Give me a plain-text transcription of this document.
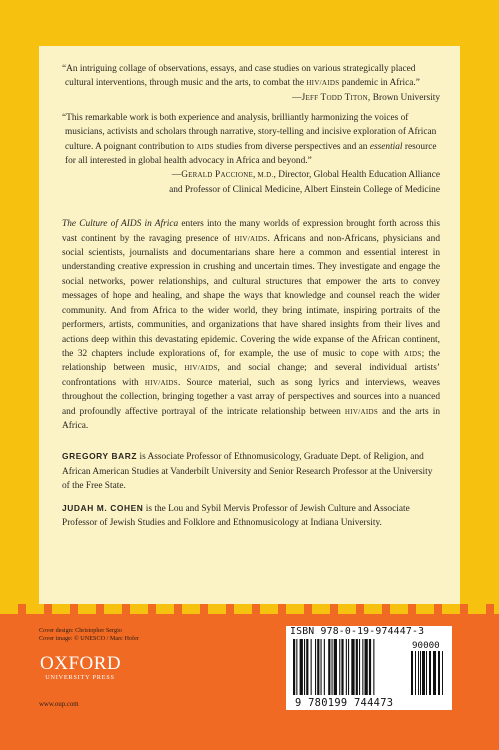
“An intriguing collage of observations, essays, and case studies on various strategically placed cultural interventions, through music and the arts, to combat the hiv/aids pandemic in Africa.”
—Jeff Todd Titon, Brown University

“This remarkable work is both experience and analysis, brilliantly harmonizing the voices of musicians, activists and scholars through narrative, story-telling and incisive exploration of African culture. A poignant contribution to aids studies from diverse perspectives and an essential resource for all interested in global health advocacy in Africa and beyond.”
—Gerald Paccione, m.d., Director, Global Health Education Alliance
and Professor of Clinical Medicine, Albert Einstein College of Medicine

The Culture of AIDS in Africa enters into the many worlds of expression brought forth across this vast continent by the ravaging presence of hiv/aids. Africans and non-Africans, physicians and social scientists, journalists and documentarians share here a common and essential interest in understanding creative expression in crushing and uncertain times. They investigate and engage the social networks, power relationships, and cultural structures that empower the arts to convey messages of hope and healing, and shape the ways that knowledge and counsel reach the wider community. And from Africa to the wider world, they bring intimate, inspiring portraits of the performers, artists, communities, and organizations that have shared insights from their lives and actions deep within this devastating epidemic. Covering the wide expanse of the African continent, the 32 chapters include explorations of, for example, the use of music to cope with aids; the relationship between music, hiv/aids, and social change; and several individual artists’ confrontations with hiv/aids. Source material, such as song lyrics and interviews, weaves throughout the collection, bringing together a vast array of perspectives and sources into a nuanced and profoundly affective portrayal of the intricate relationship between hiv/aids and the arts in Africa.

GREGORY BARZ is Associate Professor of Ethnomusicology, Graduate Dept. of Religion, and African American Studies at Vanderbilt University and Senior Research Professor at the University of the Free State.

JUDAH M. COHEN is the Lou and Sybil Mervis Professor of Jewish Culture and Associate Professor of Jewish Studies and Folklore and Ethnomusicology at Indiana University.

Cover design: Christopher Sergio
Cover image: © UNESCO / Marc Hofer
OXFORD
UNIVERSITY PRESS
www.oup.com
ISBN 978-0-19-974447-3
90000
9 780199 744473
